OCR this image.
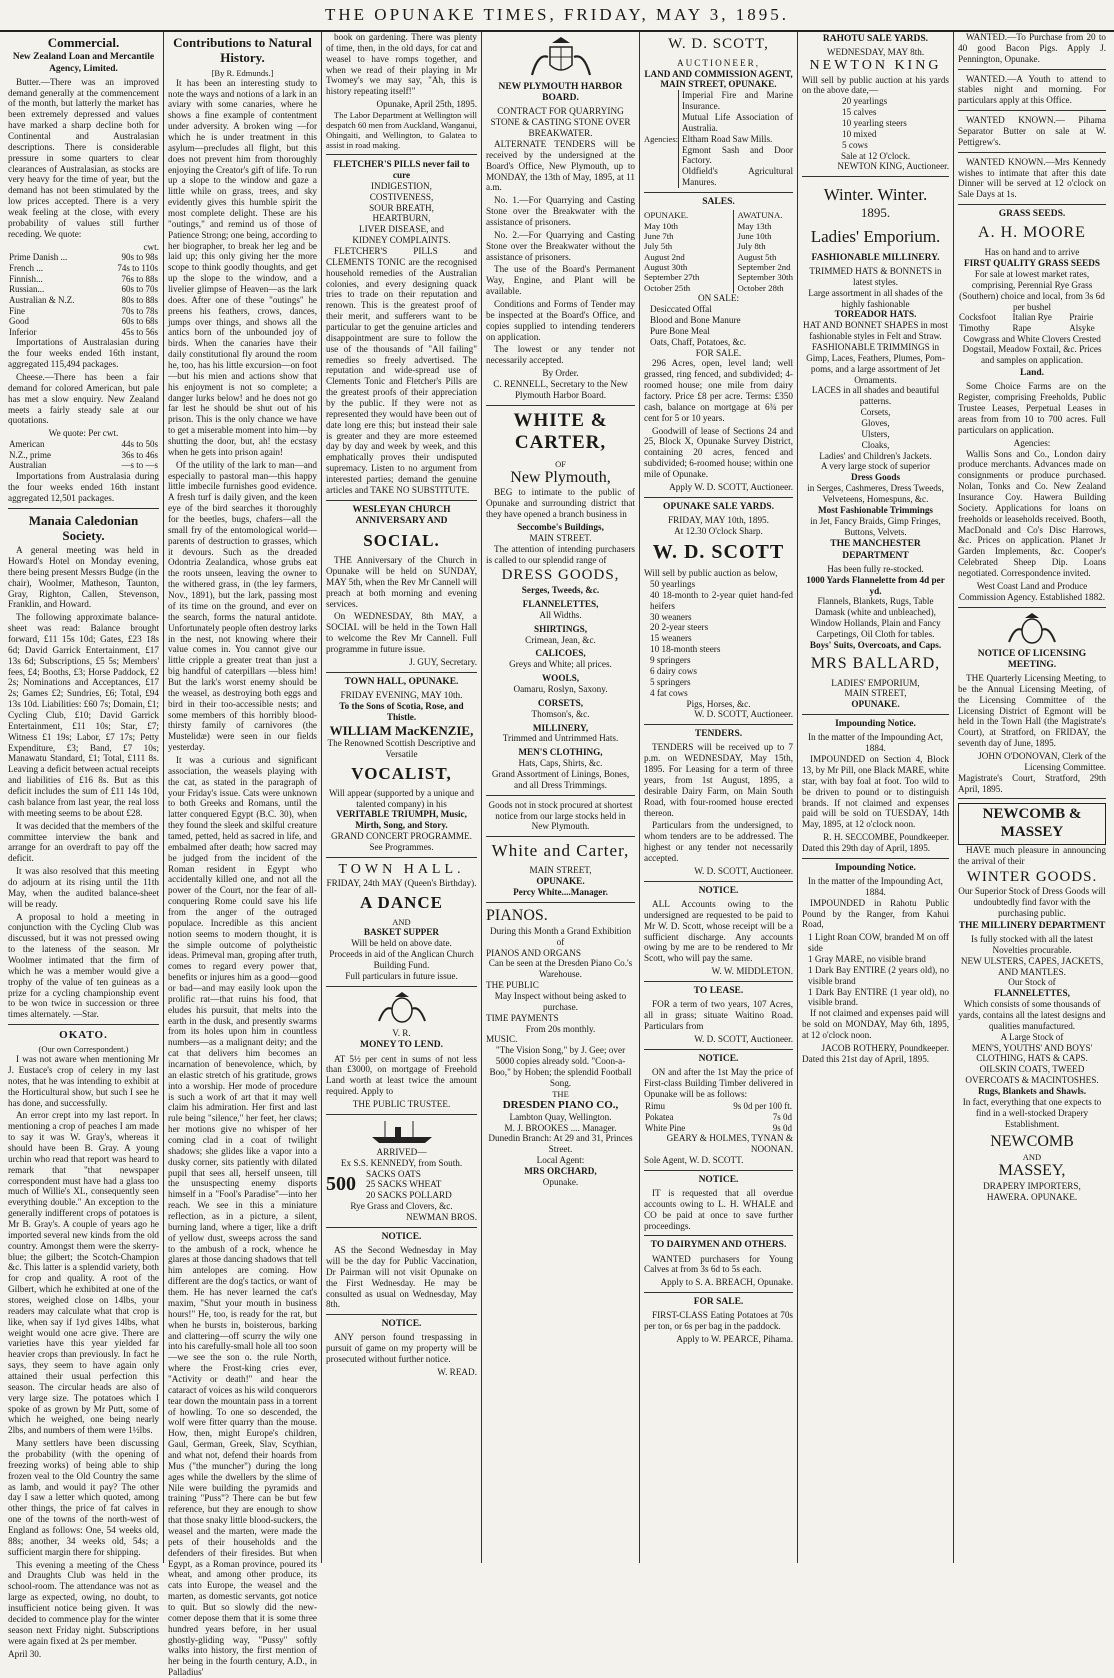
THE OPUNAKE TIMES, FRIDAY, MAY 3, 1895.
Commercial.
New Zealand Loan and Mercantile Agency, Limited.

Butter.—There was an improved demand generally at the commencement of the month, but latterly the market has been extremely depressed and values have marked a sharp decline both for Continental and Australasian descriptions. There is considerable pressure in some quarters to clear clearances of Australasian, as stocks are very heavy for the time of year, but the demand has not been stimulated by the low prices accepted. There is a very weak feeling at the close, with every probability of values still further receding. We quote:

cwt.
Prime Danish ...	90s to 98s
French ...	74s to 110s
Finnish...	76s to 88s
Russian...	60s to 70s
Australian & N.Z.	80s to 88s
Fine	70s to 78s
Good	60s to 68s
Inferior	45s to 56s

Importations of Australasian during the four weeks ended 16th instant, aggregated 115,494 packages.

Cheese.—There has been a fair demand for colored American, but pale has met a slow enquiry. New Zealand meets a fairly steady sale at our quotations.

We quote: Per cwt.
American	44s to 50s
N.Z., prime	36s to 46s
Australian	—s to —s

Importations from Australasia during the four weeks ended 16th instant aggregated 12,501 packages.

Manaia Caledonian Society.

A general meeting was held in Howard's Hotel on Monday evening, there being present Messrs Budge (in the chair), Woolmer, Matheson, Taunton, Gray, Righton, Callen, Stevenson, Franklin, and Howard.

The following approximate balance-sheet was read: Balance brought forward, £11 15s 10d; Gates, £23 18s 6d; David Garrick Entertainment, £17 13s 6d; Subscriptions, £5 5s; Members' fees, £4; Booths, £3; Horse Paddock, £2 2s; Nominations and Acceptances, £17 2s; Games £2; Sundries, £6; Total, £94 13s 10d. Liabilities: £60 7s; Domain, £1; Cycling Club, £10; David Garrick Entertainment, £11 10s; Star, £7; Witness £1 19s; Labor, £7 17s; Petty Expenditure, £3; Band, £7 10s; Manawatu Standard, £1; Total, £111 8s. Leaving a deficit between actual receipts and liabilities of £16 8s. But as this deficit includes the sum of £11 14s 10d, cash balance from last year, the real loss with meeting seems to be about £28.

It was decided that the members of the committee interview the bank and arrange for an overdraft to pay off the deficit.

It was also resolved that this meeting do adjourn at its rising until the 11th May, when the audited balance-sheet will be ready.

A proposal to hold a meeting in conjunction with the Cycling Club was discussed, but it was not pressed owing to the lateness of the season. Mr Woolmer intimated that the firm of which he was a member would give a trophy of the value of ten guineas as a prize for a cycling championship event to be won twice in succession or three times alternately. —Star.

OKATO.
(Our own Correspondent.)

I was not aware when mentioning Mr J. Eustace's crop of celery in my last notes, that he was intending to exhibit at the Horticultural show, but such I see he has done, and successfully.

An error crept into my last report. In mentioning a crop of peaches I am made to say it was W. Gray's, whereas it should have been B. Gray. A young urchin who read that report was heard to remark that "that newspaper correspondent must have had a glass too much of Willie's XL, consequently seen everything double." An exception to the generally indifferent crops of potatoes is Mr B. Gray's. A couple of years ago he imported several new kinds from the old country. Amongst them were the skerry-blue; the gilbert; the Scotch-Champion &c. This latter is a splendid variety, both for crop and quality. A root of the Gilbert, which he exhibited at one of the stores, weighed close on 14lbs, your readers may calculate what that crop is like, when say if 1yd gives 14lbs, what weight would one acre give. There are varieties have this year yielded far heavier crops than previously. In fact he says, they seem to have again only attained their usual perfection this season. The circular heads are also of very large size. The potatoes which I spoke of as grown by Mr Putt, some of which he weighed, one being nearly 2lbs, and numbers of them were 1½lbs.

Many settlers have been discussing the probability (with the opening of freezing works) of being able to ship frozen veal to the Old Country the same as lamb, and would it pay? The other day I saw a letter which quoted, among other things, the price of fat calves in one of the towns of the north-west of England as follows: One, 54 weeks old, 88s; another, 34 weeks old, 54s; a sufficient margin there for shipping.

This evening a meeting of the Chess and Draughts Club was held in the school-room. The attendance was not as large as expected, owing, no doubt, to insufficient notice being given. It was decided to commence play for the winter season next Friday night. Subscriptions were again fixed at 2s per member.

April 30.
Contributions to Natural History.
[By R. Edmunds.]

It has been an interesting study to note the ways and notions of a lark in an aviary with some canaries, where he shows a fine example of contentment under adversity. A broken wing —for which he is under treatment in this asylum—precludes all flight, but this does not prevent him from thoroughly enjoying the Creator's gift of life. To run up a slope to the window and gaze a little while on grass, trees, and sky evidently gives this humble spirit the most complete delight. These are his "outings," and remind us of those of Patience Strong; one being, according to her biographer, to break her leg and be laid up; this only giving her the more scope to think goodly thoughts, and get up the slope to the window, and a livelier glimpse of Heaven—as the lark does. After one of these "outings" he preens his feathers, crows, dances, jumps over things, and shows all the antics born of the unbounded joy of birds. When the canaries have their daily constitutional fly around the room he, too, has his little excursion—on foot—but his mien and actions show that his enjoyment is not so complete; a danger lurks below! and he does not go far lest he should be shut out of his prison. This is the only chance we have to get a miserable moment into him—by shutting the door, but, ah! the ecstasy when he gets into prison again!

Of the utility of the lark to man—and especially to pastoral man—this happy little imbecile furnishes good evidence. A fresh turf is daily given, and the keen eye of the bird searches it thoroughly for the beetles, bugs, chafers—all the small fry of the entomological world—parents of destruction to grasses, which it devours. Such as the dreaded Odontria Zealandica, whose grubs eat the roots unseen, leaving the owner to the withered grass, in (the ley farmers, Nov., 1891), but the lark, passing most of its time on the ground, and ever on the search, forms the natural antidote. Unfortunately people often destroy larks in the nest, not knowing where their value comes in. You cannot give our little cripple a greater treat than just a big handful of caterpillars —bless him! But the lark's worst enemy should be the weasel, as destroying both eggs and bird in their too-accessible nests; and some members of this horribly blood-thirsty family of carnivores (the Mustelidæ) were seen in our fields yesterday.

It was a curious and significant association, the weasels playing with the cat, as stated in the paragraph of your Friday's issue. Cats were unknown to both Greeks and Romans, until the latter conquered Egypt (B.C. 30), when they found the sleek and skilful creature tamed, petted, held as sacred in life, and embalmed after death; how sacred may be judged from the incident of the Roman resident in Egypt who accidentally killed one, and not all the power of the Court, nor the fear of all-conquering Rome could save his life from the anger of the outraged populace. Incredible as this ancient notion seems to modern thought, it is the simple outcome of polytheistic ideas. Primeval man, groping after truth, comes to regard every power that, benefits or injures him as a good—good or bad—and may easily look upon the prolific rat—that ruins his food, that eludes his pursuit, that melts into the earth in the dusk, and presently swarms from its holes upon him in countless numbers—as a malignant deity; and the cat that delivers him becomes an incarnation of benevolence, which, by an elastic stretch of his gratitude, grows into a worship. Her mode of procedure is such a work of art that it may well claim his admiration. Her first and last rule being "silence," her feet, her claws; her motions give no whisper of her coming clad in a coat of twilight shadows; she glides like a vapor into a dusky corner, sits patiently with dilated pupil that sees all, herself unseen, till the unsuspecting enemy disports himself in a "Fool's Paradise"—into her reach. We see in this a miniature reflection, as in a picture, a silent, burning land, where a tiger, like a drift of yellow dust, sweeps across the sand to the ambush of a rock, whence he glares at those dancing shadows that tell him antelopes are coming. How different are the dog's tactics, or want of them. He has never learned the cat's maxim, "Shut your mouth in business hours!" He, too, is ready for the rat, but when he bursts in, boisterous, barking and clattering—off scurry the wily one into his carefully-small hole all too soon—we see the son o. the rule North, where the Frost-king cries ever, "Activity or death!" and hear the cataract of voices as his wild conquerors tear down the mountain pass in a torrent of howling. To one so descended, the wolf were fitter quarry than the mouse. How, then, might Europe's children, Gaul, German, Greek, Slav, Scythian, and what not, defend their hoards from Mus ("the muncher") during the long ages while the dwellers by the slime of Nile were building the pyramids and training "Puss"? There can be but few reference, but they are enough to show that those snaky little blood-suckers, the weasel and the marten, were made the pets of their households and the defenders of their firesides. But when Egypt, as a Roman province, poured its wheat, and among other produce, its cats into Europe, the weasel and the marten, as domestic servants, got notice to quit. But so slowly did the new-comer depose them that it is some three hundred years before, in her usual ghostly-gliding way, "Pussy" softly walks into history, the first mention of her being in the fourth century, A.D., in Palladius'

book on gardening. There was plenty of time, then, in the old days, for cat and weasel to have romps together, and when we read of their playing in Mr Twomey's we may say, "Ah, this is history repeating itself!"

Opunake, April 25th, 1895.

The Labor Department at Wellington will despatch 60 men from Auckland, Wanganui, Ohingaiti, and Wellington, to Galatea to assist in road making.

FLETCHER'S PILLS never fail to cure
INDIGESTION,
COSTIVENESS,
SOUR BREATH,
HEARTBURN,
LIVER DISEASE, and
KIDNEY COMPLAINTS.

FLETCHER'S PILLS and CLEMENTS TONIC are the recognised household remedies of the Australian colonies, and every designing quack tries to trade on their reputation and renown. This is the greatest proof of their merit, and sufferers want to be particular to get the genuine articles and disappointment are sure to follow the use of the thousands of "All failing" remedies so freely advertised. The reputation and wide-spread use of Clements Tonic and Fletcher's Pills are the greatest proofs of their appreciation by the public. If they were not as represented they would have been out of date long ere this; but instead their sale is greater and they are more esteemed day by day and week by week, and this emphatically proves their undisputed supremacy. Listen to no argument from interested parties; demand the genuine articles and TAKE NO SUBSTITUTE.

WESLEYAN CHURCH ANNIVERSARY AND
SOCIAL.

THE Anniversary of the Church in Opunake will be held on SUNDAY, MAY 5th, when the Rev Mr Cannell will preach at both morning and evening services.

On WEDNESDAY, 8th MAY, a SOCIAL will be held in the Town Hall to welcome the Rev Mr Cannell. Full programme in future issue.

J. GUY, Secretary.
TOWN HALL, OPUNAKE.
FRIDAY EVENING, MAY 10th.
To the Sons of Scotia, Rose, and Thistle.
WILLIAM MacKENZIE,
The Renowned Scottish Descriptive and Versatile
VOCALIST,
Will appear (supported by a unique and talented company) in his
VERITABLE TRIUMPH, Music, Mirth, Song, and Story.
GRAND CONCERT PROGRAMME.
See Programmes.
TOWN HALL.
FRIDAY, 24th MAY (Queen's Birthday).
A DANCE
AND
BASKET SUPPER
Will be held on above date.
Proceeds in aid of the Anglican Church Building Fund.
Full particulars in future issue.
V. R.
MONEY TO LEND.

AT 5½ per cent in sums of not less than £3000, on mortgage of Freehold Land worth at least twice the amount required. Apply to

THE PUBLIC TRUSTEE.
ARRIVED—
Ex S.S. KENNEDY, from South.
500	SACKS OATS
25 SACKS WHEAT
20 SACKS POLLARD
Rye Grass and Clovers, &c.
NEWMAN BROS.
NOTICE.

AS the Second Wednesday in May will be the day for Public Vaccination, Dr Pairman will not visit Opunake on the First Wednesday. He may be consulted as usual on Wednesday, May 8th.

NOTICE.

ANY person found trespassing in pursuit of game on my property will be prosecuted without further notice.

W. READ.
NEW PLYMOUTH HARBOR BOARD.
CONTRACT FOR QUARRYING STONE & CASTING STONE OVER BREAKWATER.

ALTERNATE TENDERS will be received by the undersigned at the Board's Office, New Plymouth, up to MONDAY, the 13th of May, 1895, at 11 a.m.

No. 1.—For Quarrying and Casting Stone over the Breakwater with the assistance of prisoners.

No. 2.—For Quarrying and Casting Stone over the Breakwater without the assistance of prisoners.

The use of the Board's Permanent Way, Engine, and Plant will be available.

Conditions and Forms of Tender may be inspected at the Board's Office, and copies supplied to intending tenderers on application.

The lowest or any tender not necessarily accepted.

By Order.
C. RENNELL, Secretary to the New Plymouth Harbor Board.
WHITE & CARTER,
OF
New Plymouth,

BEG to intimate to the public of Opunake and surrounding district that they have opened a branch business in

Seccombe's Buildings,
MAIN STREET.

The attention of intending purchasers is called to our splendid range of

DRESS GOODS,
Serges, Tweeds, &c.
FLANNELETTES,
All Widths.
SHIRTINGS,
Crimean, Jean, &c.
CALICOES,
Greys and White; all prices.
WOOLS,
Oamaru, Roslyn, Saxony.
CORSETS,
Thomson's, &c.
MILLINERY,
Trimmed and Untrimmed Hats.
MEN'S CLOTHING,
Hats, Caps, Shirts, &c.
Grand Assortment of Linings, Bones, and all Dress Trimmings.
Goods not in stock procured at shortest notice from our large stocks held in New Plymouth.
White and Carter,
MAIN STREET,
OPUNAKE.
Percy White....Manager.
PIANOS.
During this Month a Grand Exhibition of
PIANOS AND ORGANS
Can be seen at the Dresden Piano Co.'s Warehouse.
THE PUBLIC
May Inspect without being asked to purchase.
TIME PAYMENTS
From 20s monthly.
MUSIC.
"The Vision Song," by J. Gee; over 5000 copies already sold. "Coon-a-Boo," by Hoben; the splendid Football Song.
THE
DRESDEN PIANO CO.,
Lambton Quay, Wellington.
M. J. BROOKES .... Manager.
Dunedin Branch: At 29 and 31, Princes Street.
Local Agent:
MRS ORCHARD,
Opunake.
W. D. SCOTT,
AUCTIONEER,
LAND AND COMMISSION AGENT, MAIN STREET, OPUNAKE.
Agencies:
Imperial Fire and Marine Insurance.
Mutual Life Association of Australia.
Eltham Road Saw Mills.
Egmont Sash and Door Factory.
Oldfield's Agricultural Manures.
SALES.
OPUNAKE.
May 10th
June 7th
July 5th
August 2nd
August 30th
September 27th
October 25th
AWATUNA.
May 13th
June 10th
July 8th
August 5th
September 2nd
September 30th
October 28th
ON SALE:
Desiccated Offal
Blood and Bone Manure
Pure Bone Meal
Oats, Chaff, Potatoes, &c.
FOR SALE.

296 Acres, open, level land; well grassed, ring fenced, and subdivided; 4-roomed house; one mile from dairy factory. Price £8 per acre. Terms: £350 cash, balance on mortgage at 6¾ per cent for 5 or 10 years.

Goodwill of lease of Sections 24 and 25, Block X, Opunake Survey District, containing 20 acres, fenced and subdivided; 6-roomed house; within one mile of Opunake.

Apply W. D. SCOTT, Auctioneer.
OPUNAKE SALE YARDS.
FRIDAY, MAY 10th, 1895.
At 12.30 O'clock Sharp.
W. D. SCOTT
Will sell by public auction as below,
50 yearlings
40 18-month to 2-year quiet hand-fed heifers
30 weaners
20 2-year steers
15 weaners
10 18-month steers
9 springers
6 dairy cows
5 springers
4 fat cows
Pigs, Horses, &c.
W. D. SCOTT, Auctioneer.
TENDERS.

TENDERS will be received up to 7 p.m. on WEDNESDAY, May 15th, 1895. For Leasing for a term of three years, from 1st August, 1895, a desirable Dairy Farm, on Main South Road, with four-roomed house erected thereon.

Particulars from the undersigned, to whom tenders are to be addressed. The highest or any tender not necessarily accepted.

W. D. SCOTT, Auctioneer.
NOTICE.

ALL Accounts owing to the undersigned are requested to be paid to Mr W. D. Scott, whose receipt will be a sufficient discharge. Any accounts owing by me are to be rendered to Mr Scott, who will pay the same.

W. W. MIDDLETON.
TO LEASE.

FOR a term of two years, 107 Acres, all in grass; situate Waitino Road. Particulars from

W. D. SCOTT, Auctioneer.
NOTICE.

ON and after the 1st May the price of First-class Building Timber delivered in Opunake will be as follows:

Rimu	9s 0d per 100 ft.
Pokatea	7s 0d
White Pine	9s 0d
GEARY & HOLMES, TYNAN & NOONAN.
Sole Agent, W. D. SCOTT.
NOTICE.

IT is requested that all overdue accounts owing to L. H. WHALE and CO be paid at once to save further proceedings.

TO DAIRYMEN AND OTHERS.

WANTED purchasers for Young Calves at from 3s 6d to 5s each.

Apply to S. A. BREACH, Opunake.
FOR SALE.

FIRST-CLASS Eating Potatoes at 70s per ton, or 6s per bag in the paddock.

Apply to W. PEARCE, Pihama.
RAHOTU SALE YARDS.
WEDNESDAY, MAY 8th.
NEWTON KING
Will sell by public auction at his yards on the above date,—
20 yearlings
15 calves
10 yearling steers
10 mixed
5 cows
Sale at 12 O'clock.
NEWTON KING, Auctioneer.
Winter. Winter.
1895.
Ladies' Emporium.
FASHIONABLE MILLINERY.
TRIMMED HATS & BONNETS in latest styles.
Large assortment in all shades of the highly fashionable
TOREADOR HATS.
HAT AND BONNET SHAPES in most fashionable styles in Felt and Straw.
FASHIONABLE TRIMMINGS in Gimp, Laces, Feathers, Plumes, Pom-poms, and a large assortment of Jet Ornaments.
LACES in all shades and beautiful patterns.
Corsets,
Gloves,
Ulsters,
Cloaks,
Ladies' and Children's Jackets.
A very large stock of superior
Dress Goods
in Serges, Cashmeres, Dress Tweeds, Velveteens, Homespuns, &c.
Most Fashionable Trimmings
in Jet, Fancy Braids, Gimp Fringes, Buttons, Velvets.
THE MANCHESTER DEPARTMENT
Has been fully re-stocked.
1000 Yards Flannelette from 4d per yd.
Flannels, Blankets, Rugs, Table Damask (white and unbleached), Window Hollands, Plain and Fancy Carpetings, Oil Cloth for tables.
Boys' Suits, Overcoats, and Caps.
MRS BALLARD,
LADIES' EMPORIUM,
MAIN STREET,
OPUNAKE.
Impounding Notice.
In the matter of the Impounding Act, 1884.

IMPOUNDED on Section 4, Block 13, by Mr Pill, one Black MARE, white star, with bay foal at foot. Too wild to be driven to pound or to distinguish brands. If not claimed and expenses paid will be sold on TUESDAY, 14th May, 1895, at 12 o'clock noon.

R. H. SECCOMBE, Poundkeeper.
Dated this 29th day of April, 1895.
Impounding Notice.
In the matter of the Impounding Act, 1884.

IMPOUNDED in Rahotu Public Pound by the Ranger, from Kahui Road,

1 Light Roan COW, branded M on off side
1 Gray MARE, no visible brand
1 Dark Bay ENTIRE (2 years old), no visible brand
1 Dark Bay ENTIRE (1 year old), no visible brand.

If not claimed and expenses paid will be sold on MONDAY, May 6th, 1895, at 12 o'clock noon.

JACOB ROTHERY, Poundkeeper.
Dated this 21st day of April, 1895.

WANTED.—To Purchase from 20 to 40 good Bacon Pigs. Apply J. Pennington, Opunake.

WANTED.—A Youth to attend to stables night and morning. For particulars apply at this Office.

WANTED KNOWN.— Pihama Separator Butter on sale at W. Pettigrew's.

WANTED KNOWN.—Mrs Kennedy wishes to intimate that after this date Dinner will be served at 12 o'clock on Sale Days at 1s.

GRASS SEEDS.
A. H. MOORE
Has on hand and to arrive
FIRST QUALITY GRASS SEEDS
For sale at lowest market rates, comprising, Perennial Rye Grass (Southern) choice and local, from 3s 6d per bushel
Cocksfoot	Italian Rye	Prairie
Timothy	Rape	Alsyke
Cowgrass and White Clovers Crested Dogstail, Meadow Foxtail, &c. Prices and samples on application.
Land.

Some Choice Farms are on the Register, comprising Freeholds, Public Trustee Leases, Perpetual Leases in areas from from 10 to 700 acres. Full particulars on application.

Agencies:

Wallis Sons and Co., London dairy produce merchants. Advances made on consignments or produce purchased. Nolan, Tonks and Co. New Zealand Insurance Coy. Hawera Building Society. Applications for loans on freeholds or leaseholds received. Booth, MacDonald and Co's Disc Harrows, &c. Prices on application. Planet Jr Garden Implements, &c. Cooper's Celebrated Sheep Dip. Loans negotiated. Correspondence invited.

West Coast Land and Produce Commission Agency. Established 1882.
NOTICE OF LICENSING MEETING.

THE Quarterly Licensing Meeting, to be the Annual Licensing Meeting, of the Licensing Committee of the Licensing District of Egmont will be held in the Town Hall (the Magistrate's Court), at Stratford, on FRIDAY, the seventh day of June, 1895.

JOHN O'DONOVAN, Clerk of the Licensing Committee.
Magistrate's Court, Stratford, 29th April, 1895.
NEWCOMB & MASSEY

HAVE much pleasure in announcing the arrival of their

WINTER GOODS.
Our Superior Stock of Dress Goods will undoubtedly find favor with the purchasing public.
THE MILLINERY DEPARTMENT
Is fully stocked with all the latest Novelties procurable.
NEW ULSTERS, CAPES, JACKETS, AND MANTLES.
Our Stock of
FLANNELETTES,
Which consists of some thousands of yards, contains all the latest designs and qualities manufactured.
A Large Stock of
MEN'S, YOUTHS' AND BOYS' CLOTHING, HATS & CAPS.
OILSKIN COATS, TWEED OVERCOATS & MACINTOSHES.
Rugs, Blankets and Shawls.
In fact, everything that one expects to find in a well-stocked Drapery Establishment.
NEWCOMB
AND
MASSEY,
DRAPERY IMPORTERS,
HAWERA. OPUNAKE.
